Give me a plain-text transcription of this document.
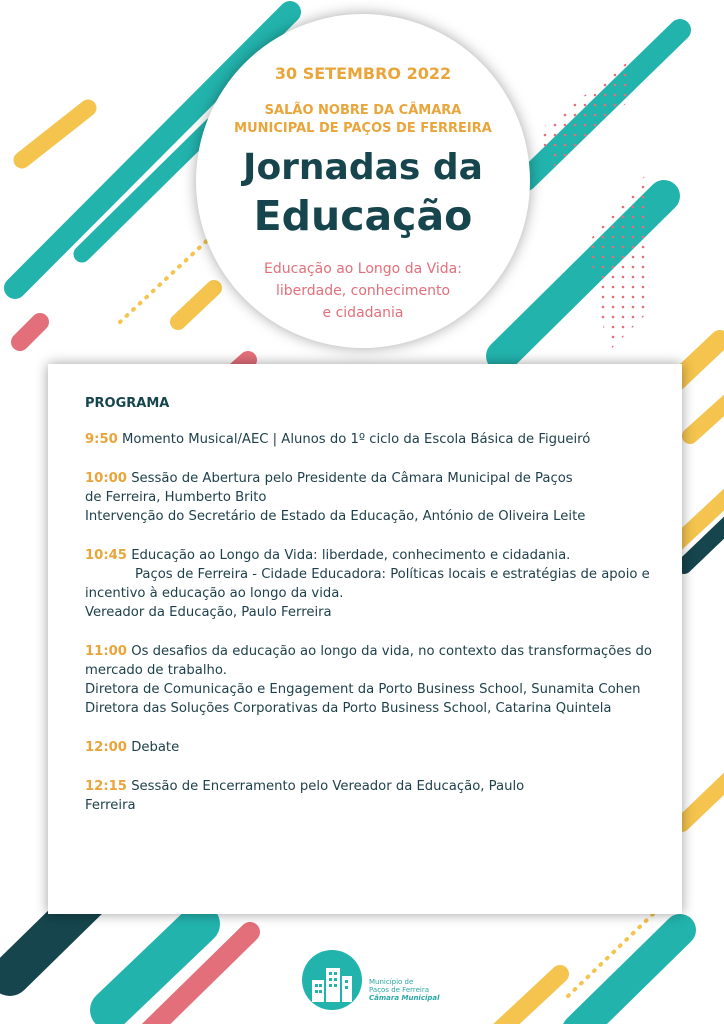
30 SETEMBRO 2022
SALÃO NOBRE DA CÂMARA
MUNICIPAL DE PAÇOS DE FERREIRA
Jornadas da
Educação
Educação ao Longo da Vida:
liberdade, conhecimento
e cidadania
PROGRAMA

9:50 Momento Musical/AEC | Alunos do 1º ciclo da Escola Básica de Figueiró

10:00 Sessão de Abertura pelo Presidente da Câmara Municipal de Paços de Ferreira, Humberto Brito

Intervenção do Secretário de Estado da Educação, António de Oliveira Leite

10:45 Educação ao Longo da Vida: liberdade, conhecimento e cidadania.

Paços de Ferreira - Cidade Educadora: Políticas locais e estratégias de apoio e incentivo à educação ao longo da vida.

Vereador da Educação, Paulo Ferreira

11:00 Os desafios da educação ao longo da vida, no contexto das transformações do mercado de trabalho.

Diretora de Comunicação e Engagement da Porto Business School, Sunamita Cohen

Diretora das Soluções Corporativas da Porto Business School, Catarina Quintela

12:00 Debate

12:15 Sessão de Encerramento pelo Vereador da Educação, Paulo Ferreira

Município de
Paços de Ferreira
Câmara Municipal
